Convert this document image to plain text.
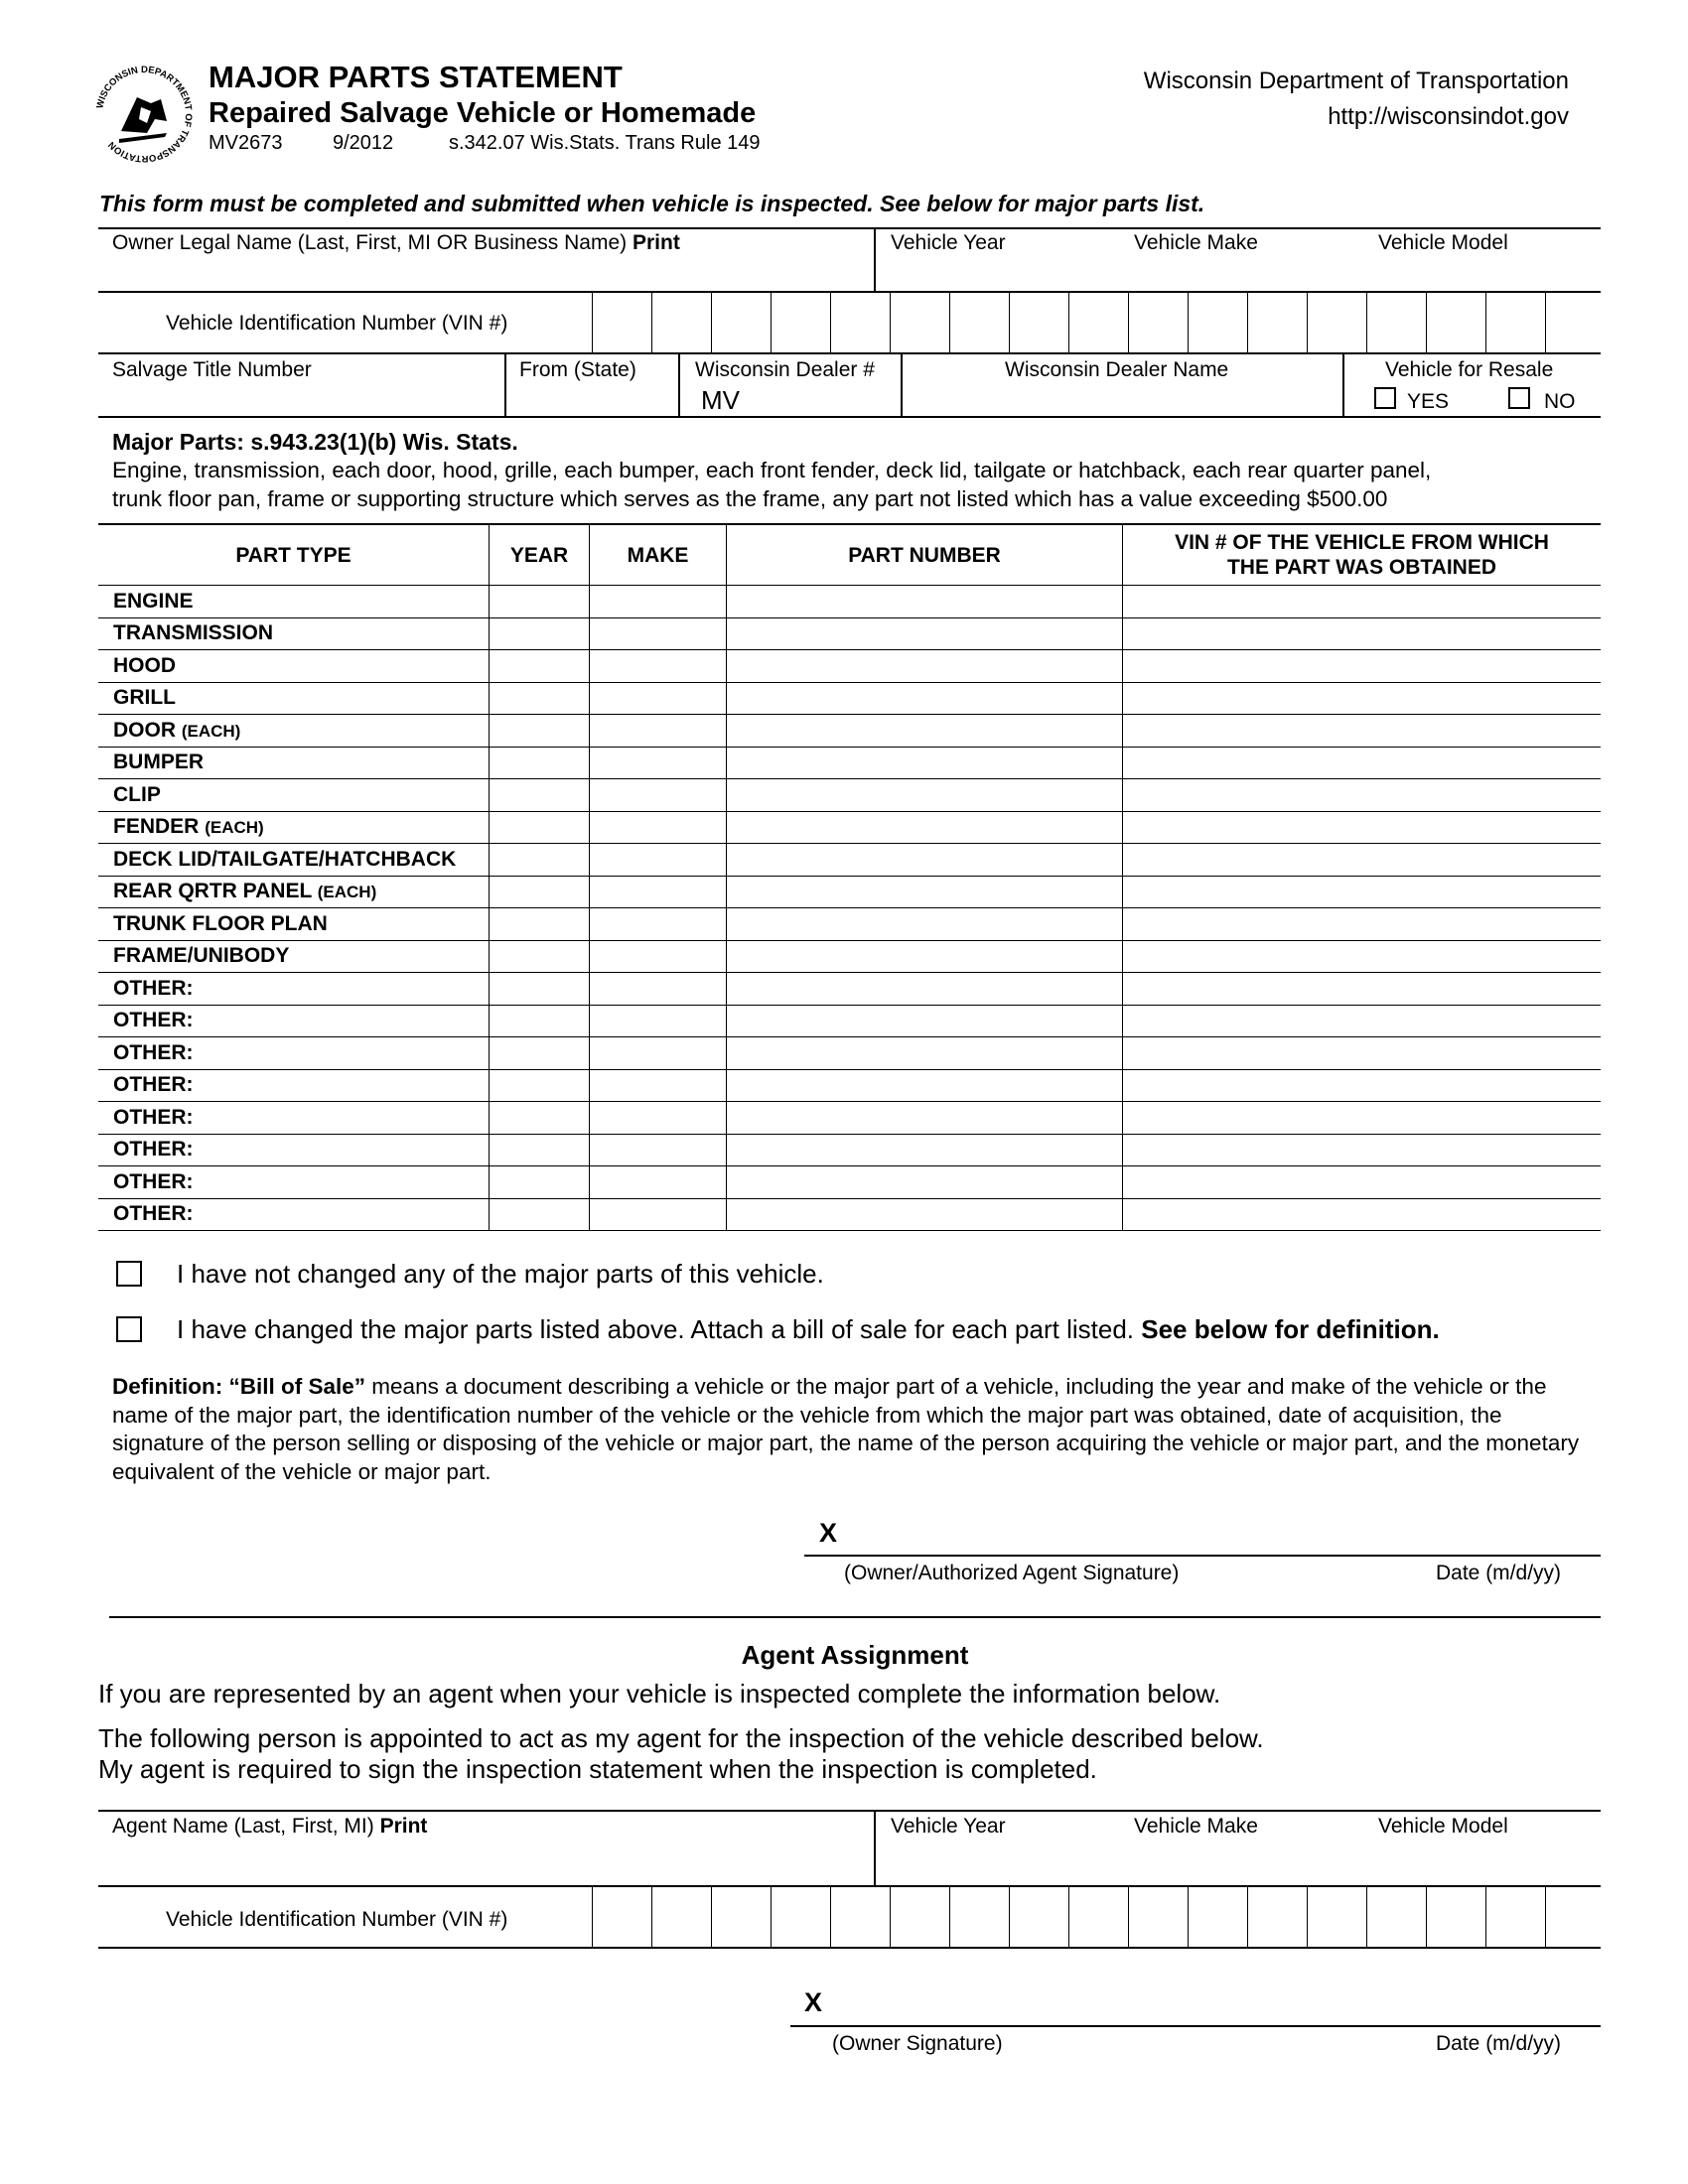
WISCONSIN DEPARTMENT OF TRANSPORTATION
MAJOR PARTS STATEMENT
Repaired Salvage Vehicle or Homemade
MV2673	9/2012	s.342.07 Wis.Stats. Trans Rule 149
Wisconsin Department of Transportation
http://wisconsindot.gov
This form must be completed and submitted when vehicle is inspected. See below for major parts list.
Owner Legal Name (Last, First, MI OR Business Name) Print	Vehicle Year	Vehicle Make	Vehicle Model
Vehicle Identification Number (VIN #)
Salvage Title Number	From (State)	Wisconsin Dealer #
MV
Wisconsin Dealer Name	Vehicle for Resale
YES	NO
Major Parts: s.943.23(1)(b) Wis. Stats.
Engine, transmission, each door, hood, grille, each bumper, each front fender, deck lid, tailgate or hatchback, each rear quarter panel,
trunk floor pan, frame or supporting structure which serves as the frame, any part not listed which has a value exceeding $500.00
PART TYPE	YEAR	MAKE	PART NUMBER	VIN # OF THE VEHICLE FROM WHICH THE PART WAS OBTAINED
ENGINE				
TRANSMISSION				
HOOD				
GRILL				
DOOR (EACH)				
BUMPER				
CLIP				
FENDER (EACH)				
DECK LID/TAILGATE/HATCHBACK				
REAR QRTR PANEL (EACH)				
TRUNK FLOOR PLAN				
FRAME/UNIBODY				
OTHER:				
OTHER:				
OTHER:				
OTHER:				
OTHER:				
OTHER:				
OTHER:				
OTHER:				
I have not changed any of the major parts of this vehicle.
I have changed the major parts listed above. Attach a bill of sale for each part listed. See below for definition.
Definition: “Bill of Sale” means a document describing a vehicle or the major part of a vehicle, including the year and make of the vehicle or the name of the major part, the identification number of the vehicle or the vehicle from which the major part was obtained, date of acquisition, the signature of the person selling or disposing of the vehicle or major part, the name of the person acquiring the vehicle or major part, and the monetary equivalent of the vehicle or major part.
X
(Owner/Authorized Agent Signature)	Date (m/d/yy)
Agent Assignment
If you are represented by an agent when your vehicle is inspected complete the information below.
The following person is appointed to act as my agent for the inspection of the vehicle described below.
My agent is required to sign the inspection statement when the inspection is completed.
Agent Name (Last, First, MI) Print	Vehicle Year	Vehicle Make	Vehicle Model
Vehicle Identification Number (VIN #)
X
(Owner Signature)	Date (m/d/yy)
